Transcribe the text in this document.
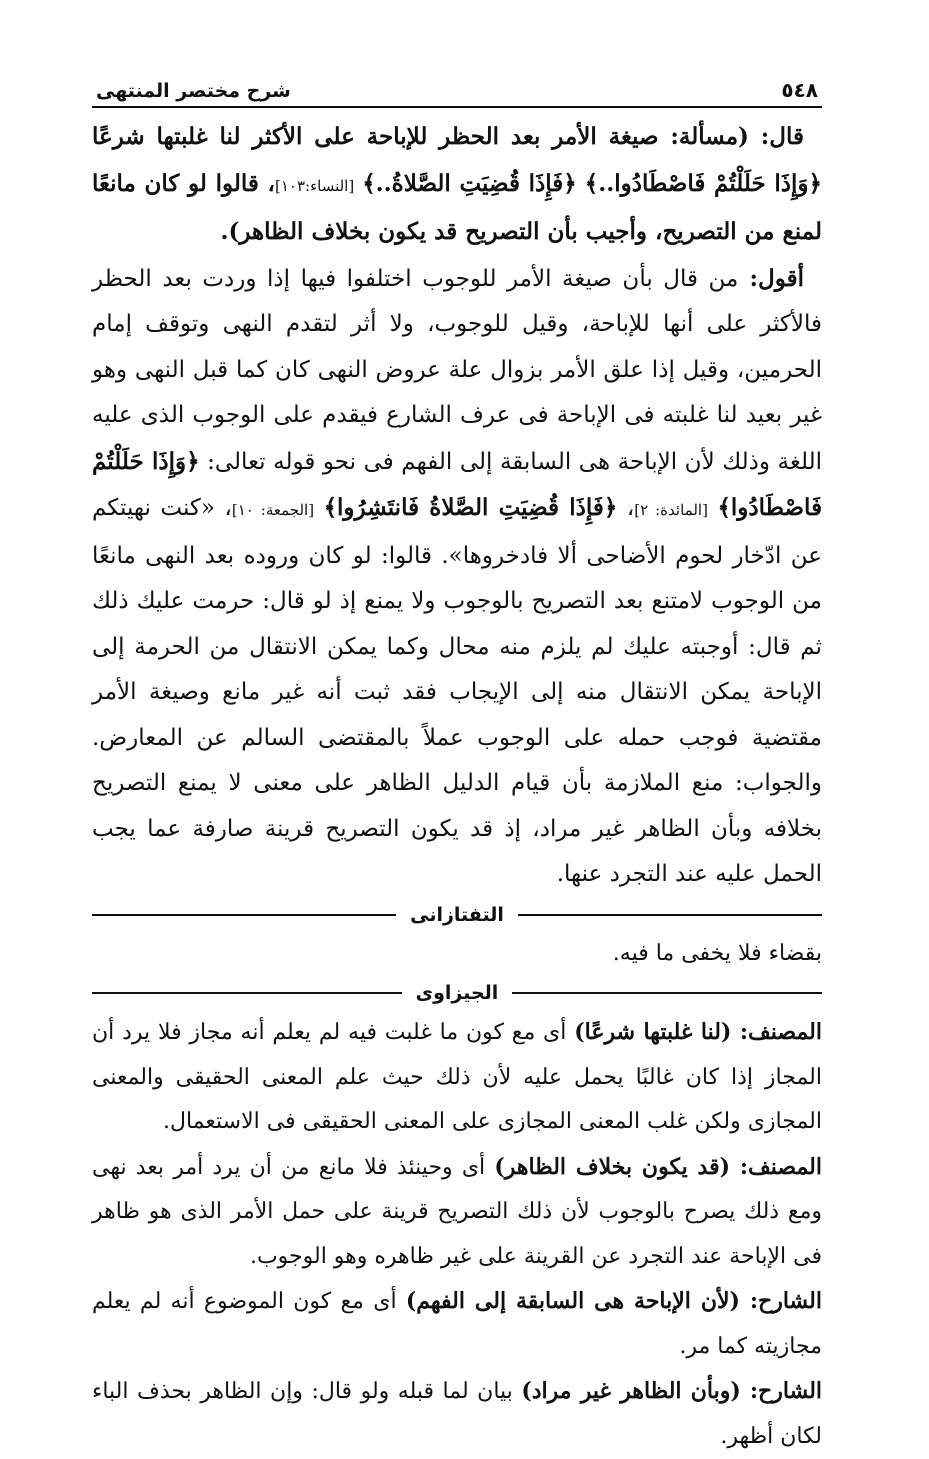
٥٤٨
شرح مختصر المنتهى

قال: (مسألة: صيغة الأمر بعد الحظر للإباحة على الأكثر لنا غلبتها شرعًا ﴿وَإِذَا حَلَلْتُمْ فَاصْطَادُوا..﴾ ﴿فَإِذَا قُضِيَتِ الصَّلاةُ..﴾ [النساء:١٠٣]، قالوا لو كان مانعًا لمنع من التصريح، وأجيب بأن التصريح قد يكون بخلاف الظاهر).

أقول: من قال بأن صيغة الأمر للوجوب اختلفوا فيها إذا وردت بعد الحظر فالأكثر على أنها للإباحة، وقيل للوجوب، ولا أثر لتقدم النهى وتوقف إمام الحرمين، وقيل إذا علق الأمر بزوال علة عروض النهى كان كما قبل النهى وهو غير بعيد لنا غلبته فى الإباحة فى عرف الشارع فيقدم على الوجوب الذى عليه اللغة وذلك لأن الإباحة هى السابقة إلى الفهم فى نحو قوله تعالى: ﴿وَإِذَا حَلَلْتُمْ فَاصْطَادُوا﴾ [المائدة: ٢]، ﴿فَإِذَا قُضِيَتِ الصَّلاةُ فَانتَشِرُوا﴾ [الجمعة: ١٠]، «كنت نهيتكم عن ادّخار لحوم الأضاحى ألا فادخروها». قالوا: لو كان وروده بعد النهى مانعًا من الوجوب لامتنع بعد التصريح بالوجوب ولا يمنع إذ لو قال: حرمت عليك ذلك ثم قال: أوجبته عليك لم يلزم منه محال وكما يمكن الانتقال من الحرمة إلى الإباحة يمكن الانتقال منه إلى الإيجاب فقد ثبت أنه غير مانع وصيغة الأمر مقتضية فوجب حمله على الوجوب عملاً بالمقتضى السالم عن المعارض. والجواب: منع الملازمة بأن قيام الدليل الظاهر على معنى لا يمنع التصريح بخلافه وبأن الظاهر غير مراد، إذ قد يكون التصريح قرينة صارفة عما يجب الحمل عليه عند التجرد عنها.

التفتازانى

بقضاء فلا يخفى ما فيه.

الجيزاوى

المصنف: (لنا غلبتها شرعًا) أى مع كون ما غلبت فيه لم يعلم أنه مجاز فلا يرد أن المجاز إذا كان غالبًا يحمل عليه لأن ذلك حيث علم المعنى الحقيقى والمعنى المجازى ولكن غلب المعنى المجازى على المعنى الحقيقى فى الاستعمال.

المصنف: (قد يكون بخلاف الظاهر) أى وحينئذ فلا مانع من أن يرد أمر بعد نهى ومع ذلك يصرح بالوجوب لأن ذلك التصريح قرينة على حمل الأمر الذى هو ظاهر فى الإباحة عند التجرد عن القرينة على غير ظاهره وهو الوجوب.

الشارح: (لأن الإباحة هى السابقة إلى الفهم) أى مع كون الموضوع أنه لم يعلم مجازيته كما مر.

الشارح: (وبأن الظاهر غير مراد) بيان لما قبله ولو قال: وإن الظاهر بحذف الباء لكان أظهر.
